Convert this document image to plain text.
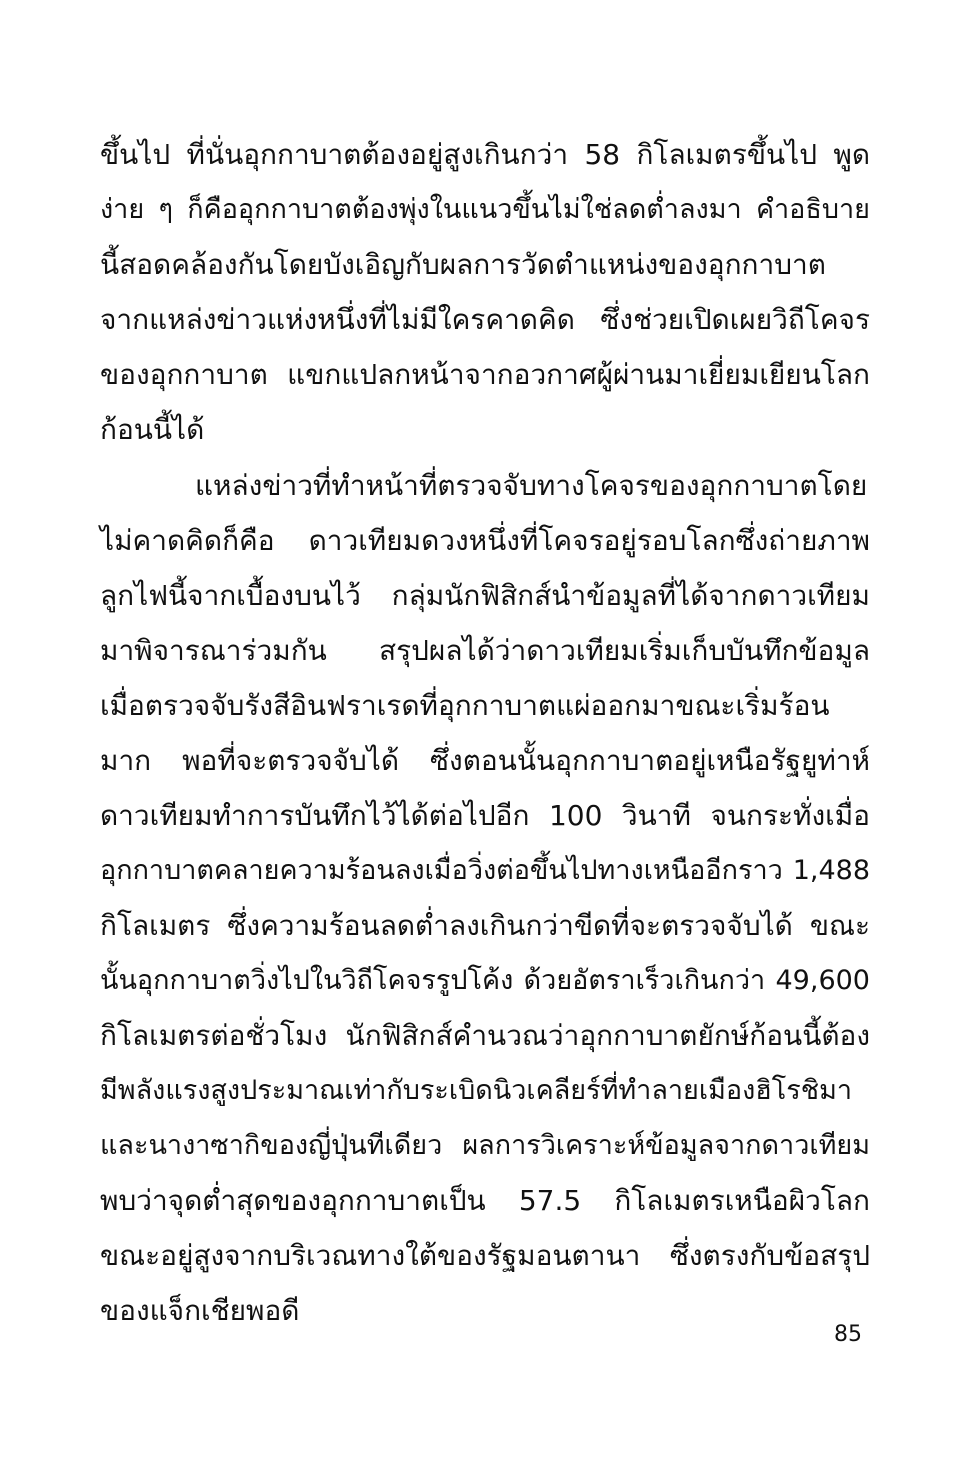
ขึ้นไป ที่นั่นอุกกาบาตต้องอยู่สูงเกินกว่า 58 กิโลเมตรขึ้นไป พูด
ง่าย ๆ ก็คืออุกกาบาตต้องพุ่งในแนวขึ้นไม่ใช่ลดต่ำลงมา คำอธิบาย
นี้สอดคล้องกันโดยบังเอิญกับผลการวัดตำแหน่งของอุกกาบาต
จากแหล่งข่าวแห่งหนึ่งที่ไม่มีใครคาดคิด ซึ่งช่วยเปิดเผยวิถีโคจร
ของอุกกาบาต แขกแปลกหน้าจากอวกาศผู้ผ่านมาเยี่ยมเยียนโลก
ก้อนนี้ได้
แหล่งข่าวที่ทำหน้าที่ตรวจจับทางโคจรของอุกกาบาตโดย
ไม่คาดคิดก็คือ ดาวเทียมดวงหนึ่งที่โคจรอยู่รอบโลกซึ่งถ่ายภาพ
ลูกไฟนี้จากเบื้องบนไว้ กลุ่มนักฟิสิกส์นำข้อมูลที่ได้จากดาวเทียม
มาพิจารณาร่วมกัน สรุปผลได้ว่าดาวเทียมเริ่มเก็บบันทึกข้อมูล
เมื่อตรวจจับรังสีอินฟราเรดที่อุกกาบาตแผ่ออกมาขณะเริ่มร้อน
มาก พอที่จะตรวจจับได้ ซึ่งตอนนั้นอุกกาบาตอยู่เหนือรัฐยูท่าห์
ดาวเทียมทำการบันทึกไว้ได้ต่อไปอีก 100 วินาที จนกระทั่งเมื่อ
อุกกาบาตคลายความร้อนลงเมื่อวิ่งต่อขึ้นไปทางเหนืออีกราว 1,488
กิโลเมตร ซึ่งความร้อนลดต่ำลงเกินกว่าขีดที่จะตรวจจับได้ ขณะ
นั้นอุกกาบาตวิ่งไปในวิถีโคจรรูปโค้ง ด้วยอัตราเร็วเกินกว่า 49,600
กิโลเมตรต่อชั่วโมง นักฟิสิกส์คำนวณว่าอุกกาบาตยักษ์ก้อนนี้ต้อง
มีพลังแรงสูงประมาณเท่ากับระเบิดนิวเคลียร์ที่ทำลายเมืองฮิโรชิมา
และนางาซากิของญี่ปุ่นทีเดียว ผลการวิเคราะห์ข้อมูลจากดาวเทียม
พบว่าจุดต่ำสุดของอุกกาบาตเป็น 57.5 กิโลเมตรเหนือผิวโลก
ขณะอยู่สูงจากบริเวณทางใต้ของรัฐมอนตานา ซึ่งตรงกับข้อสรุป
ของแจ็กเชียพอดี
85
